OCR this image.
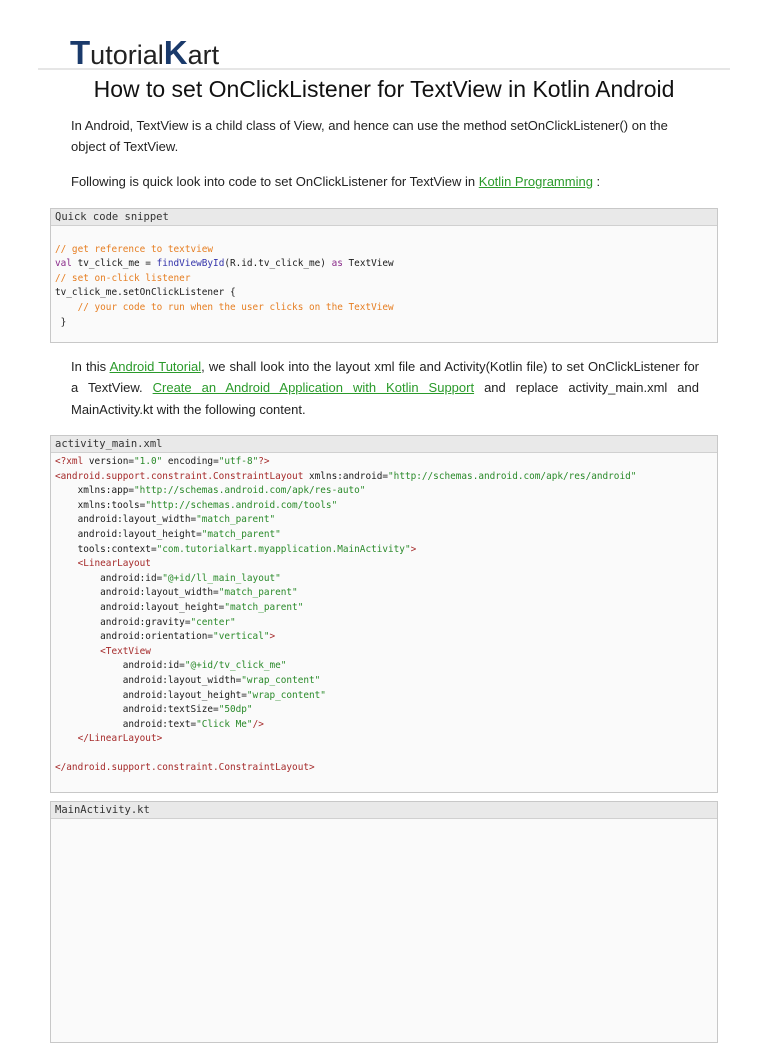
T utorial K art
How to set OnClickListener for TextView in Kotlin Android
In Android, TextView is a child class of View, and hence can use the method setOnClickListener() on the object of TextView.
Following is quick look into code to set OnClickListener for TextView in Kotlin Programming :
Quick code snippet
// get reference to textview
val tv_click_me = findViewById(R.id.tv_click_me) as TextView
// set on-click listener
tv_click_me.setOnClickListener {
// your code to run when the user clicks on the TextView
}
In this Android Tutorial, we shall look into the layout xml file and Activity(Kotlin file) to set OnClickListener for a TextView. Create an Android Application with Kotlin Support and replace activity_main.xml and MainActivity.kt with the following content.
activity_main.xml
<?xml version="1.0" encoding="utf-8"?>
<android.support.constraint.ConstraintLayout xmlns:android="http://schemas.android.com/apk/res/android"
xmlns:app="http://schemas.android.com/apk/res-auto"
xmlns:tools="http://schemas.android.com/tools"
android:layout_width="match_parent"
android:layout_height="match_parent"
tools:context="com.tutorialkart.myapplication.MainActivity">
<LinearLayout
android:id="@+id/ll_main_layout"
android:layout_width="match_parent"
android:layout_height="match_parent"
android:gravity="center"
android:orientation="vertical">
<TextView
android:id="@+id/tv_click_me"
android:layout_width="wrap_content"
android:layout_height="wrap_content"
android:textSize="50dp"
android:text="Click Me"/>
</LinearLayout>
</android.support.constraint.ConstraintLayout>
MainActivity.kt
